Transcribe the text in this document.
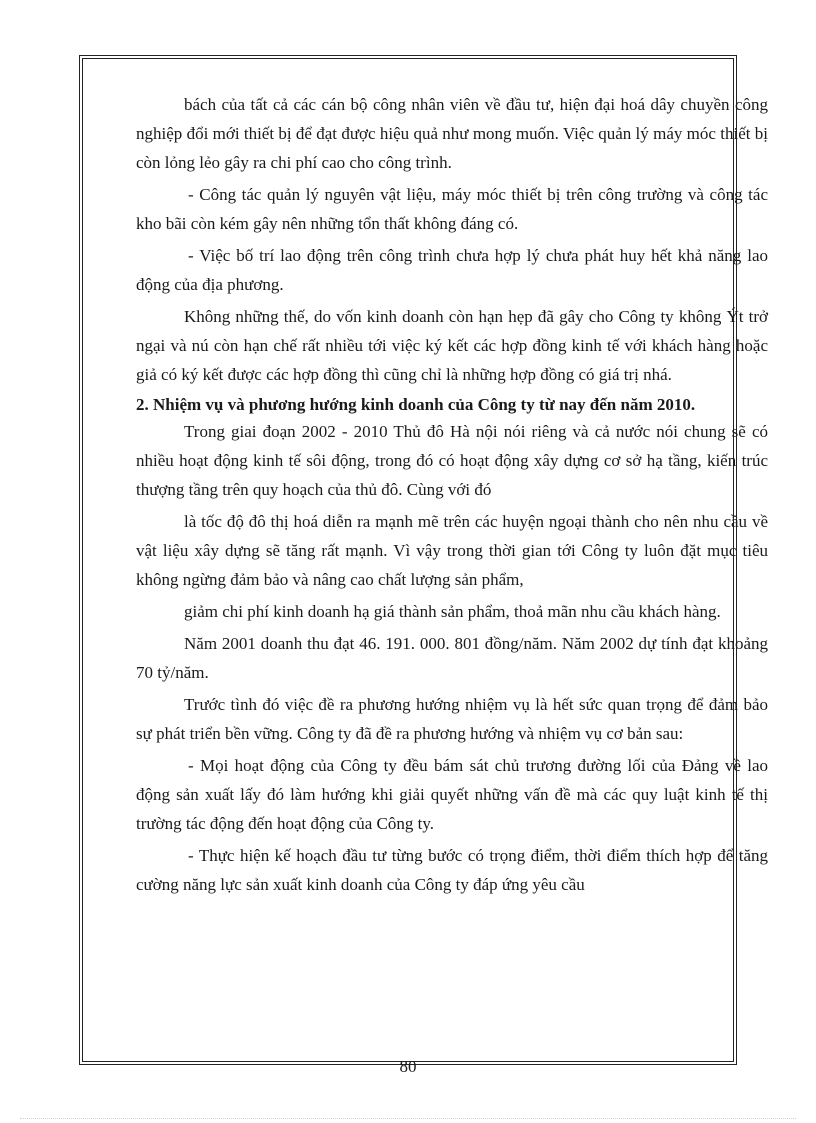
bách của tất cả các cán bộ công nhân viên về đầu tư, hiện đại hoá dây chuyền công nghiệp đổi mới thiết bị để đạt được hiệu quả như mong muốn. Việc quản lý máy móc thiết bị còn lỏng lẻo gây ra chi phí cao cho công trình.

- Công tác quản lý nguyên vật liệu, máy móc thiết bị trên công trường và công tác kho bãi còn kém gây nên những tổn thất không đáng có.

- Việc bố trí lao động trên công trình chưa hợp lý chưa phát huy hết khả năng lao động của địa phương.

Không những thế, do vốn kinh doanh còn hạn hẹp đã gây cho Công ty không Ýt trở ngại và nú còn hạn chế rất nhiều tới việc ký kết các hợp đồng kinh tế với khách hàng hoặc giả có ký kết được các hợp đồng thì cũng chỉ là những hợp đồng có giá trị nhá.

2. Nhiệm vụ và phương hướng kinh doanh của Công ty từ nay đến năm 2010.

Trong giai đoạn 2002 - 2010 Thủ đô Hà nội nói riêng và cả nước nói chung sẽ có nhiều hoạt động kinh tế sôi động, trong đó có hoạt động xây dựng cơ sở hạ tầng, kiến trúc thượng tầng trên quy hoạch của thủ đô. Cùng với đó

là tốc độ đô thị hoá diễn ra mạnh mẽ trên các huyện ngoại thành cho nên nhu cầu về vật liệu xây dựng sẽ tăng rất mạnh. Vì vậy trong thời gian tới Công ty luôn đặt mục tiêu không ngừng đảm bảo và nâng cao chất lượng sản phẩm,

giảm chi phí kinh doanh hạ giá thành sản phẩm, thoả mãn nhu cầu khách hàng.

Năm 2001 doanh thu đạt 46. 191. 000. 801 đồng/năm. Năm 2002 dự tính đạt khoảng 70 tỷ/năm.

Trước tình đó việc đề ra phương hướng nhiệm vụ là hết sức quan trọng để đảm bảo sự phát triển bền vững. Công ty đã đề ra phương hướng và nhiệm vụ cơ bản sau:

- Mọi hoạt động của Công ty đều bám sát chủ trương đường lối của Đảng về lao động sản xuất lấy đó làm hướng khi giải quyết những vấn đề mà các quy luật kinh tế thị trường tác động đến hoạt động của Công ty.

- Thực hiện kế hoạch đầu tư từng bước có trọng điểm, thời điểm thích hợp để tăng cường năng lực sản xuất kinh doanh của Công ty đáp ứng yêu cầu

80
